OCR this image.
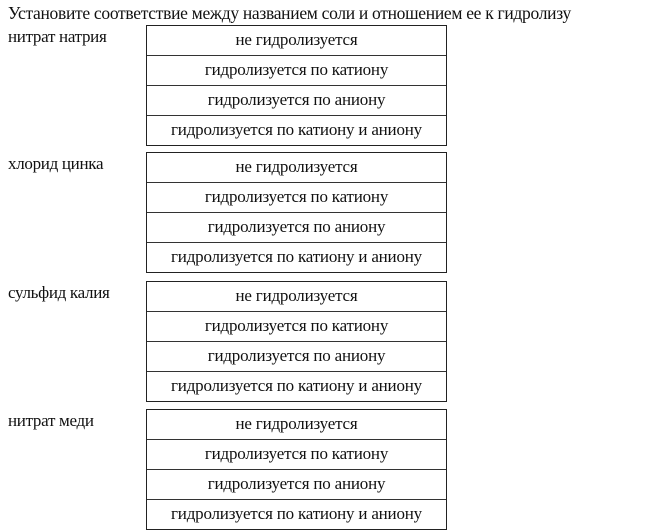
Установите соответствие между названием соли и отношением ее к гидролизу
нитрат натрия	не гидролизуется
гидролизуется по катиону
гидролизуется по аниону
гидролизуется по катиону и аниону
хлорид цинка	не гидролизуется
гидролизуется по катиону
гидролизуется по аниону
гидролизуется по катиону и аниону
сульфид калия	не гидролизуется
гидролизуется по катиону
гидролизуется по аниону
гидролизуется по катиону и аниону
нитрат меди	не гидролизуется
гидролизуется по катиону
гидролизуется по аниону
гидролизуется по катиону и аниону
